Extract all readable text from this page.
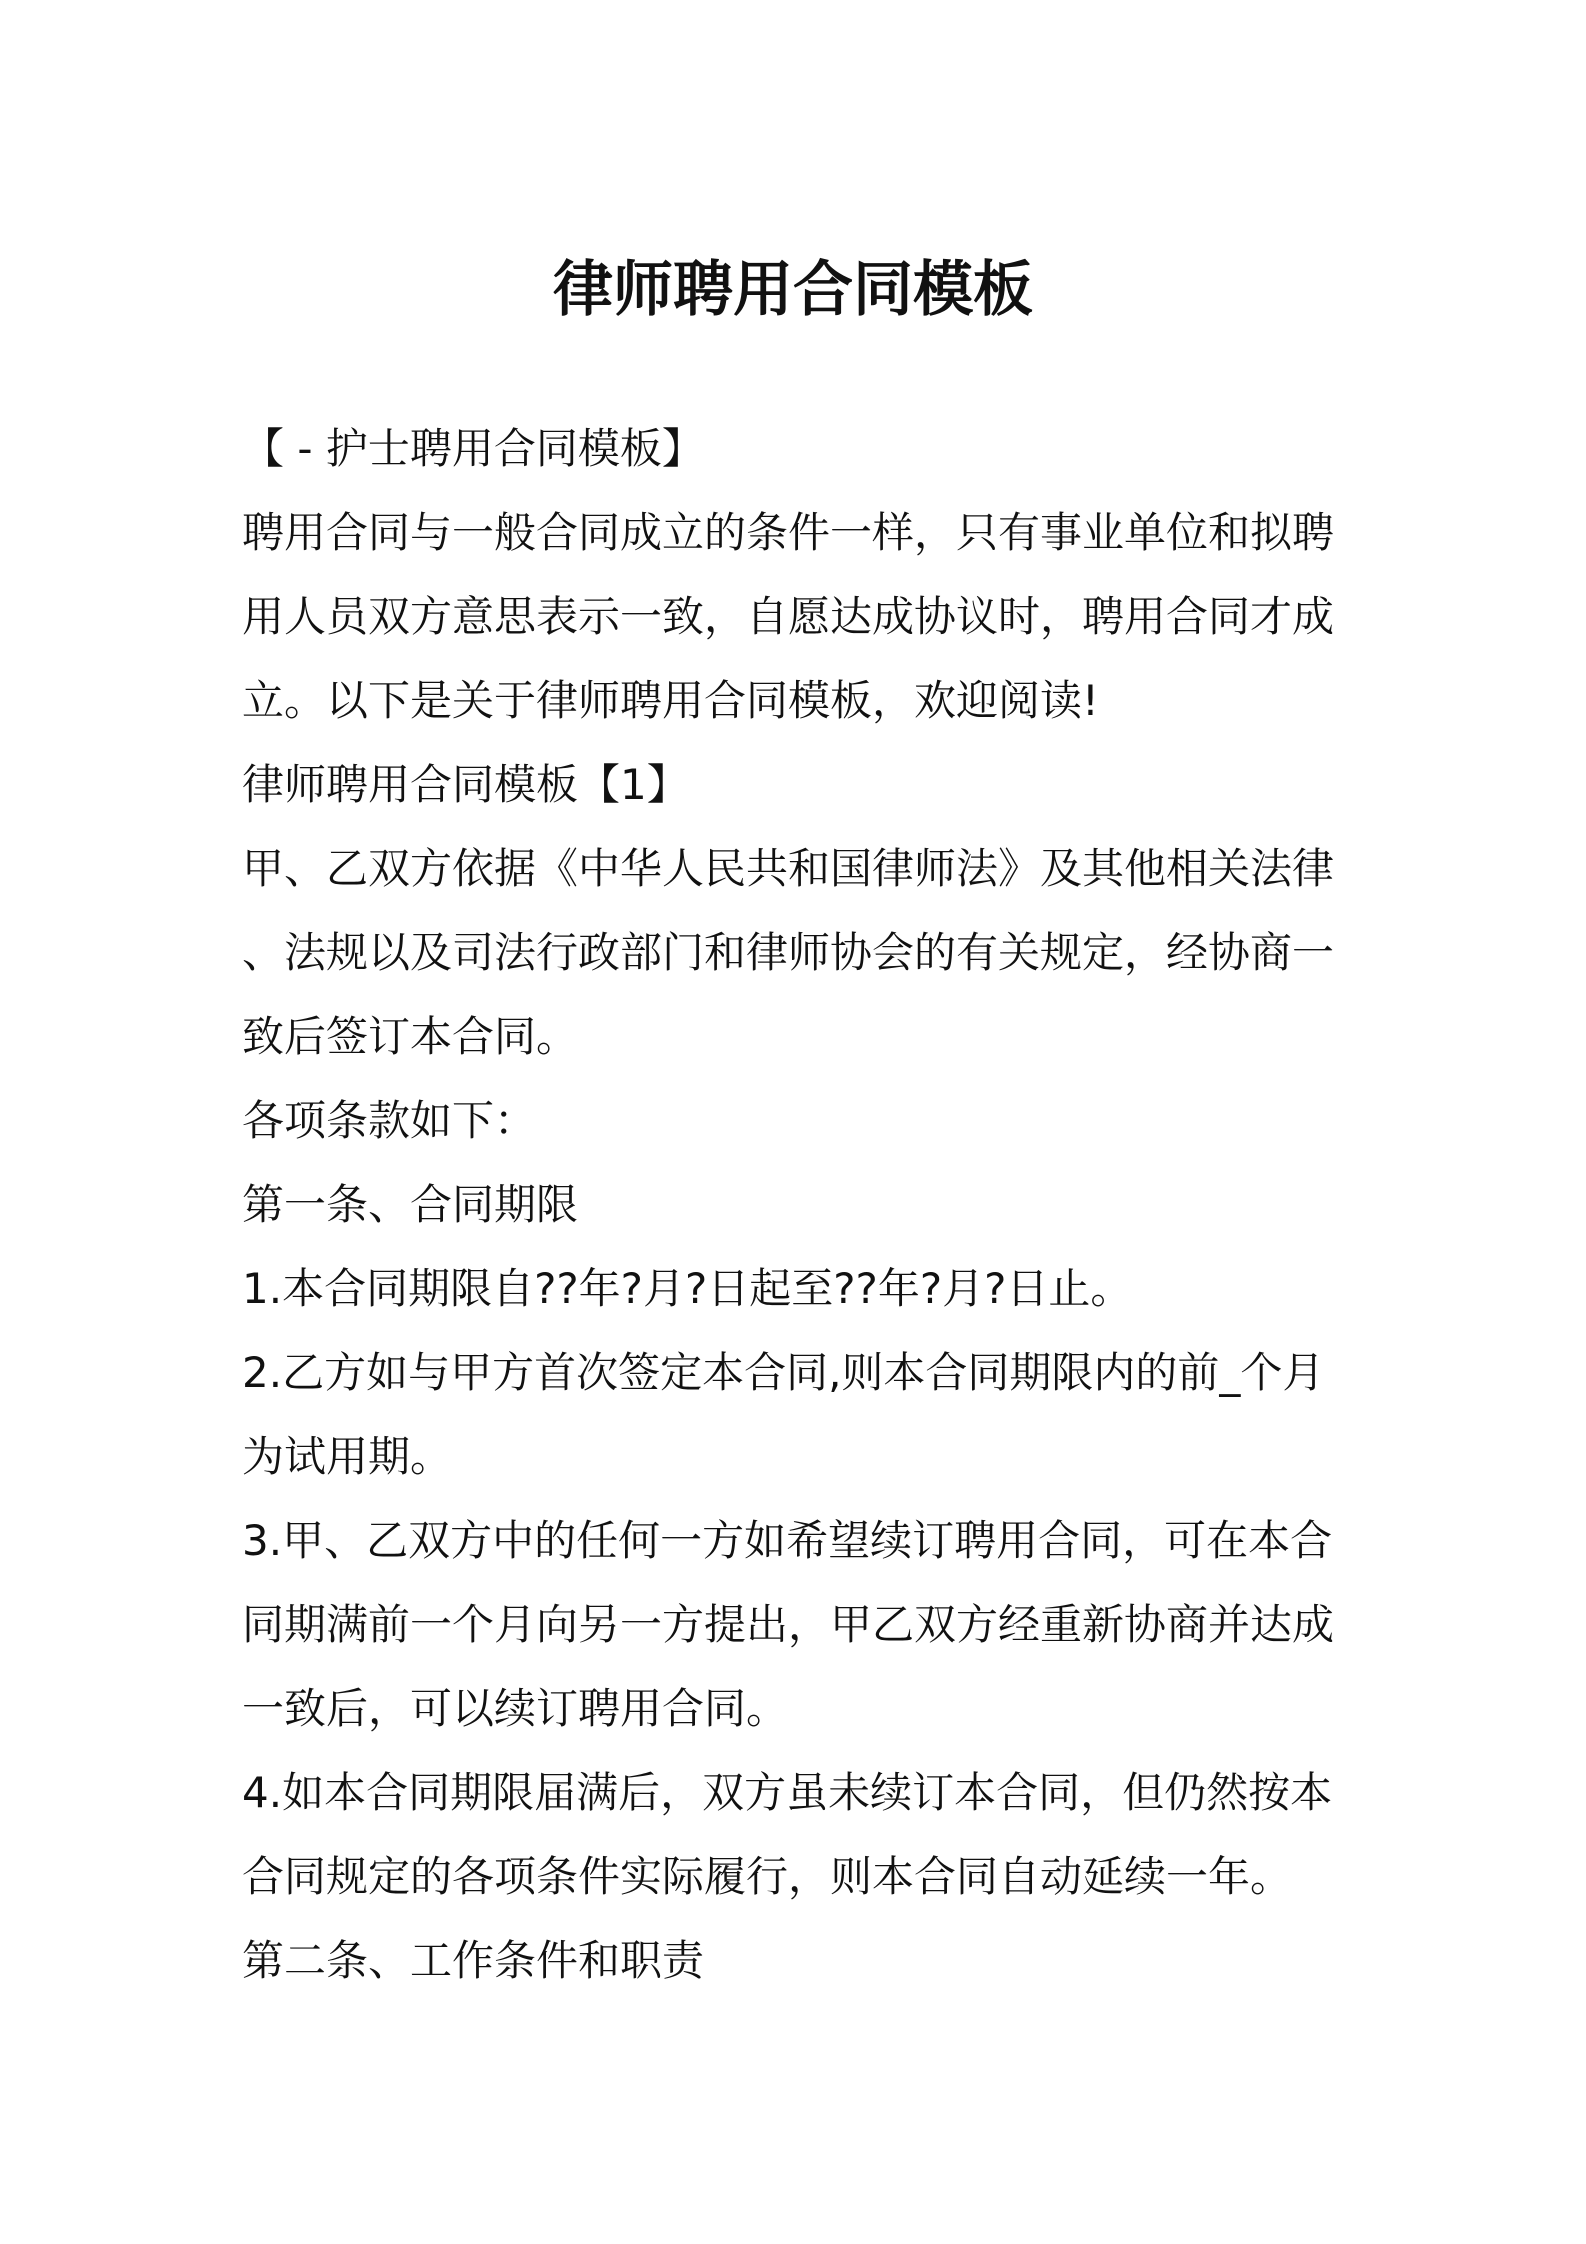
律师聘用合同模板
【 - 护士聘用合同模板】
聘用合同与一般合同成立的条件一样，只有事业单位和拟聘
用人员双方意思表示一致，自愿达成协议时，聘用合同才成
立。以下是关于律师聘用合同模板，欢迎阅读!
律师聘用合同模板【1】
甲、乙双方依据《中华人民共和国律师法》及其他相关法律
、法规以及司法行政部门和律师协会的有关规定，经协商一
致后签订本合同。
各项条款如下：
第一条、合同期限
1.本合同期限自??年?月?日起至??年?月?日止。
2.乙方如与甲方首次签定本合同,则本合同期限内的前_个月
为试用期。
3.甲、乙双方中的任何一方如希望续订聘用合同，可在本合
同期满前一个月向另一方提出，甲乙双方经重新协商并达成
一致后，可以续订聘用合同。
4.如本合同期限届满后，双方虽未续订本合同，但仍然按本
合同规定的各项条件实际履行，则本合同自动延续一年。
第二条、工作条件和职责
